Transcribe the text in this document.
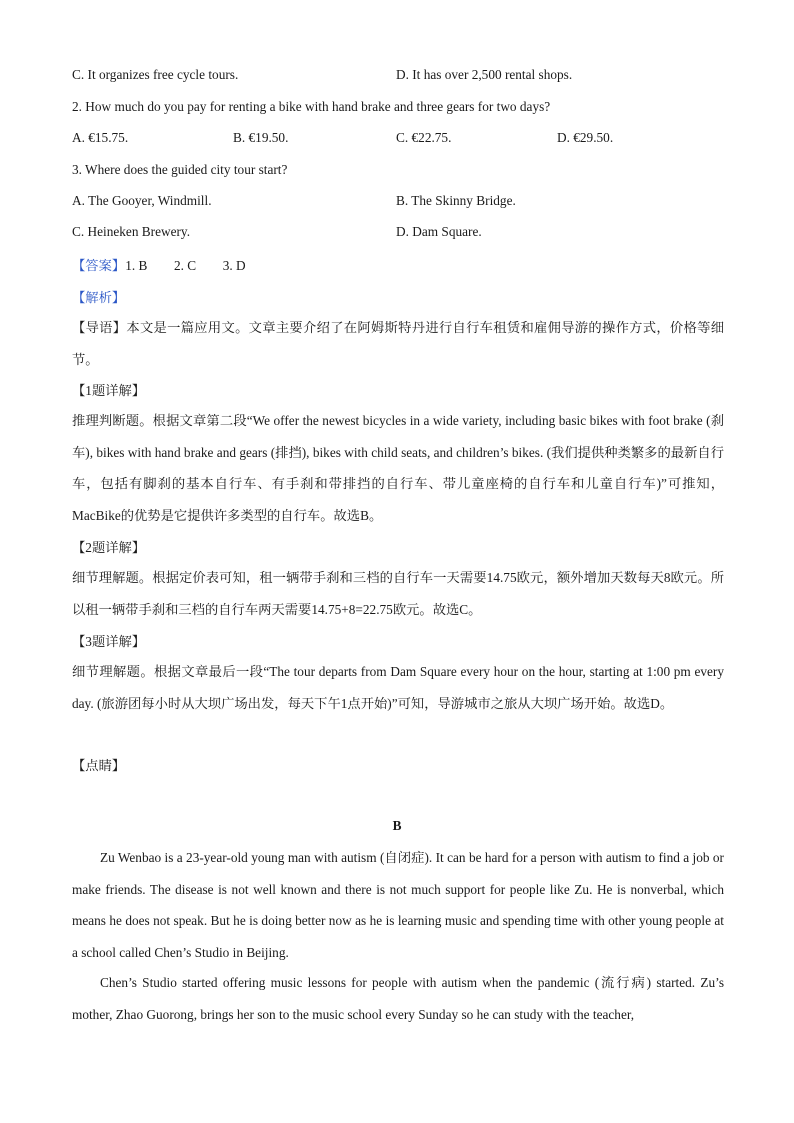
C. It organizes free cycle tours.	D. It has over 2,500 rental shops.
2. How much do you pay for renting a bike with hand brake and three gears for two days?
A. €15.75.	B. €19.50.	C. €22.75.	D. €29.50.
3. Where does the guided city tour start?
A. The Gooyer, Windmill.	B. The Skinny Bridge.
C. Heineken Brewery.	D. Dam Square.
【答案】1. B        2. C        3. D
【解析】
【导语】本文是一篇应用文。文章主要介绍了在阿姆斯特丹进行自行车租赁和雇佣导游的操作方式，价格等细节。
【1题详解】
推理判断题。根据文章第二段“We offer the newest bicycles in a wide variety, including basic bikes with foot brake (刹车), bikes with hand brake and gears (排挡), bikes with child seats, and children’s bikes. (我们提供种类繁多的最新自行车，包括有脚刹的基本自行车、有手刹和带排挡的自行车、带儿童座椅的自行车和儿童自行车)”可推知，MacBike的优势是它提供许多类型的自行车。故选B。
【2题详解】
细节理解题。根据定价表可知，租一辆带手刹和三档的自行车一天需要14.75欧元，额外增加天数每天8欧元。所以租一辆带手刹和三档的自行车两天需要14.75+8=22.75欧元。故选C。
【3题详解】
细节理解题。根据文章最后一段“The tour departs from Dam Square every hour on the hour, starting at 1:00 pm every day. (旅游团每小时从大坝广场出发，每天下午1点开始)”可知，导游城市之旅从大坝广场开始。故选D。
【点睛】
B
Zu Wenbao is a 23-year-old young man with autism (自闭症). It can be hard for a person with autism to find a job or make friends. The disease is not well known and there is not much support for people like Zu. He is nonverbal, which means he does not speak. But he is doing better now as he is learning music and spending time with other young people at a school called Chen’s Studio in Beijing.
Chen’s Studio started offering music lessons for people with autism when the pandemic (流行病) started. Zu’s mother, Zhao Guorong, brings her son to the music school every Sunday so he can study with the teacher,
